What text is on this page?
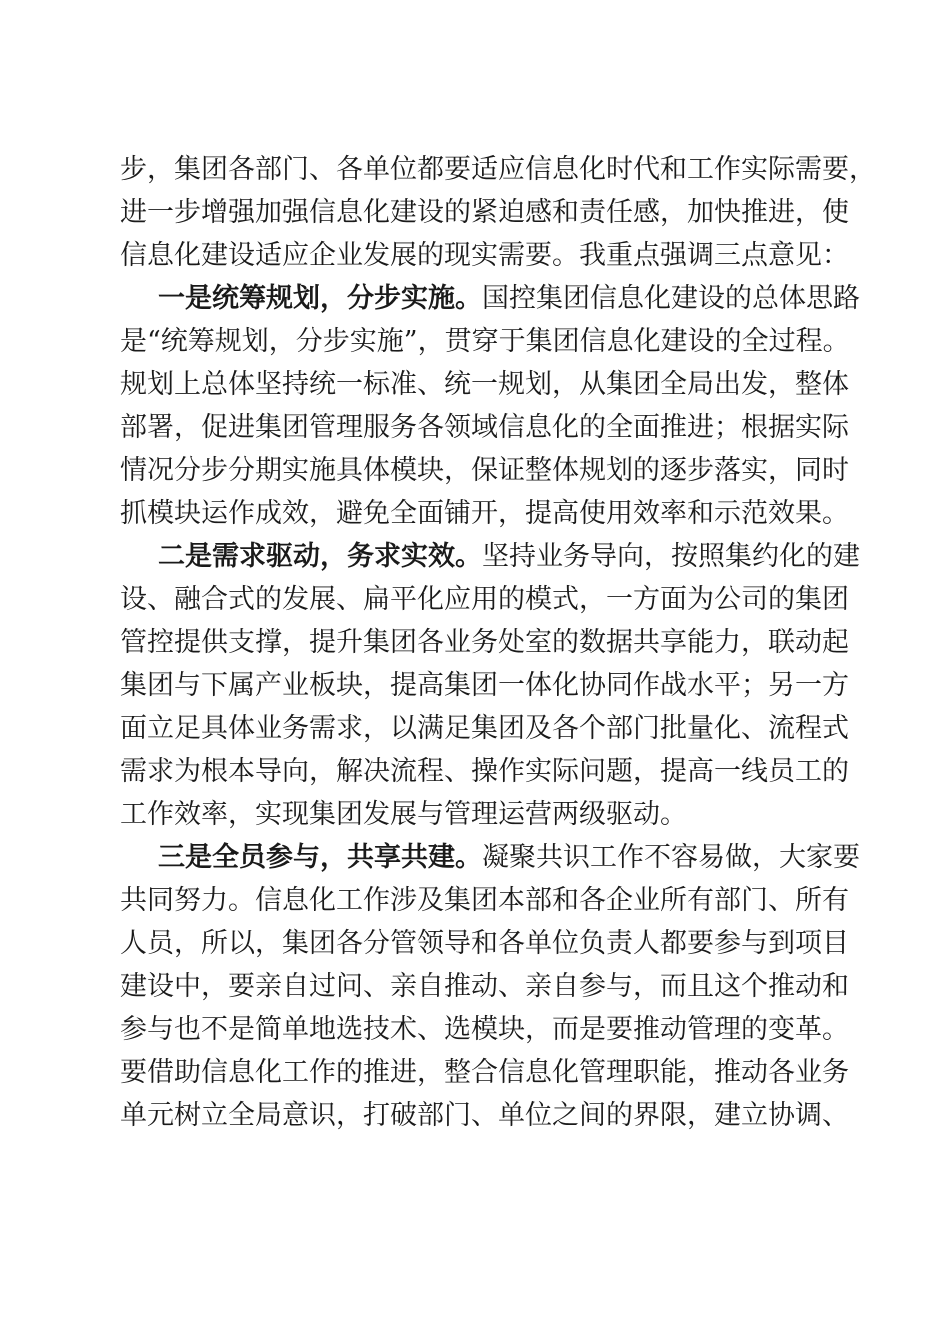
步，集团各部门、各单位都要适应信息化时代和工作实际需要，
进一步增强加强信息化建设的紧迫感和责任感，加快推进，使
信息化建设适应企业发展的现实需要。我重点强调三点意见：
一是统筹规划，分步实施。国控集团信息化建设的总体思路
是“统筹规划，分步实施”，贯穿于集团信息化建设的全过程。
规划上总体坚持统一标准、统一规划，从集团全局出发，整体
部署，促进集团管理服务各领域信息化的全面推进；根据实际
情况分步分期实施具体模块，保证整体规划的逐步落实，同时
抓模块运作成效，避免全面铺开，提高使用效率和示范效果。
二是需求驱动，务求实效。坚持业务导向，按照集约化的建
设、融合式的发展、扁平化应用的模式，一方面为公司的集团
管控提供支撑，提升集团各业务处室的数据共享能力，联动起
集团与下属产业板块，提高集团一体化协同作战水平；另一方
面立足具体业务需求，以满足集团及各个部门批量化、流程式
需求为根本导向，解决流程、操作实际问题，提高一线员工的
工作效率，实现集团发展与管理运营两级驱动。
三是全员参与，共享共建。凝聚共识工作不容易做，大家要
共同努力。信息化工作涉及集团本部和各企业所有部门、所有
人员，所以，集团各分管领导和各单位负责人都要参与到项目
建设中，要亲自过问、亲自推动、亲自参与，而且这个推动和
参与也不是简单地选技术、选模块，而是要推动管理的变革。
要借助信息化工作的推进，整合信息化管理职能，推动各业务
单元树立全局意识，打破部门、单位之间的界限，建立协调、
